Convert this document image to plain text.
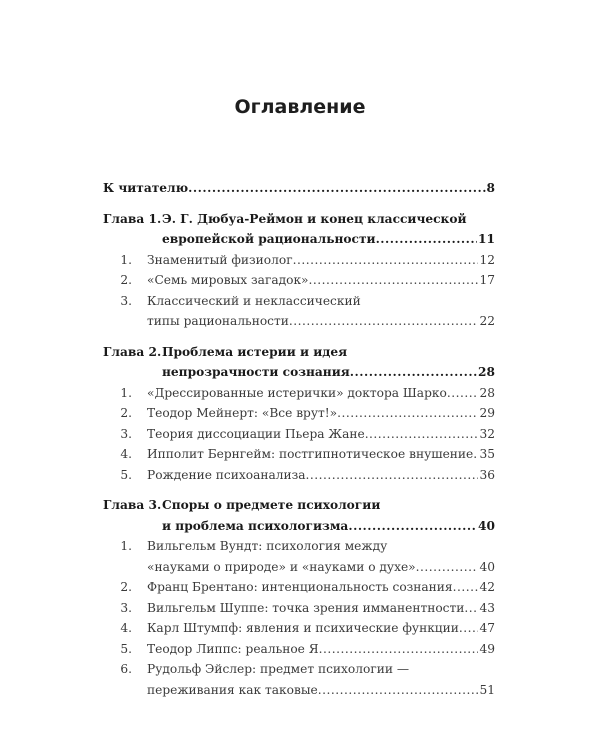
Оглавление
К читателю .....	8
Глава 1. Э. Г. Дюбуа-Реймон и конец классической
европейской рациональности .....	11
1.	Знаменитый физиолог .....	12
2.	«Семь мировых загадок» .....	17
3.	Классический и неклассический
типы рациональности .....	22
Глава 2. Проблема истерии и идея
непрозрачности сознания .....	28
1.	«Дрессированные истерички» доктора Шарко .....	28
2.	Теодор Мейнерт: «Все врут!» .....	29
3.	Теория диссоциации Пьера Жане .....	32
4.	Ипполит Бернгейм: постгипнотическое внушение ..... 35
5.	Рождение психоанализа .....	36
Глава 3. Споры о предмете психологии
и проблема психологизма .....	40
1.	Вильгельм Вундт: психология между
«науками о природе» и «науками о духе» .....	40
2.	Франц Брентано: интенциональность сознания ..... 42
3.	Вильгельм Шуппе: точка зрения имманентности ..... 43
4.	Карл Штумпф: явления и психические функции ..... 47
5.	Теодор Липпс: реальное Я .....	49
6.	Рудольф Эйслер: предмет психологии —
переживания как таковые .....	51
